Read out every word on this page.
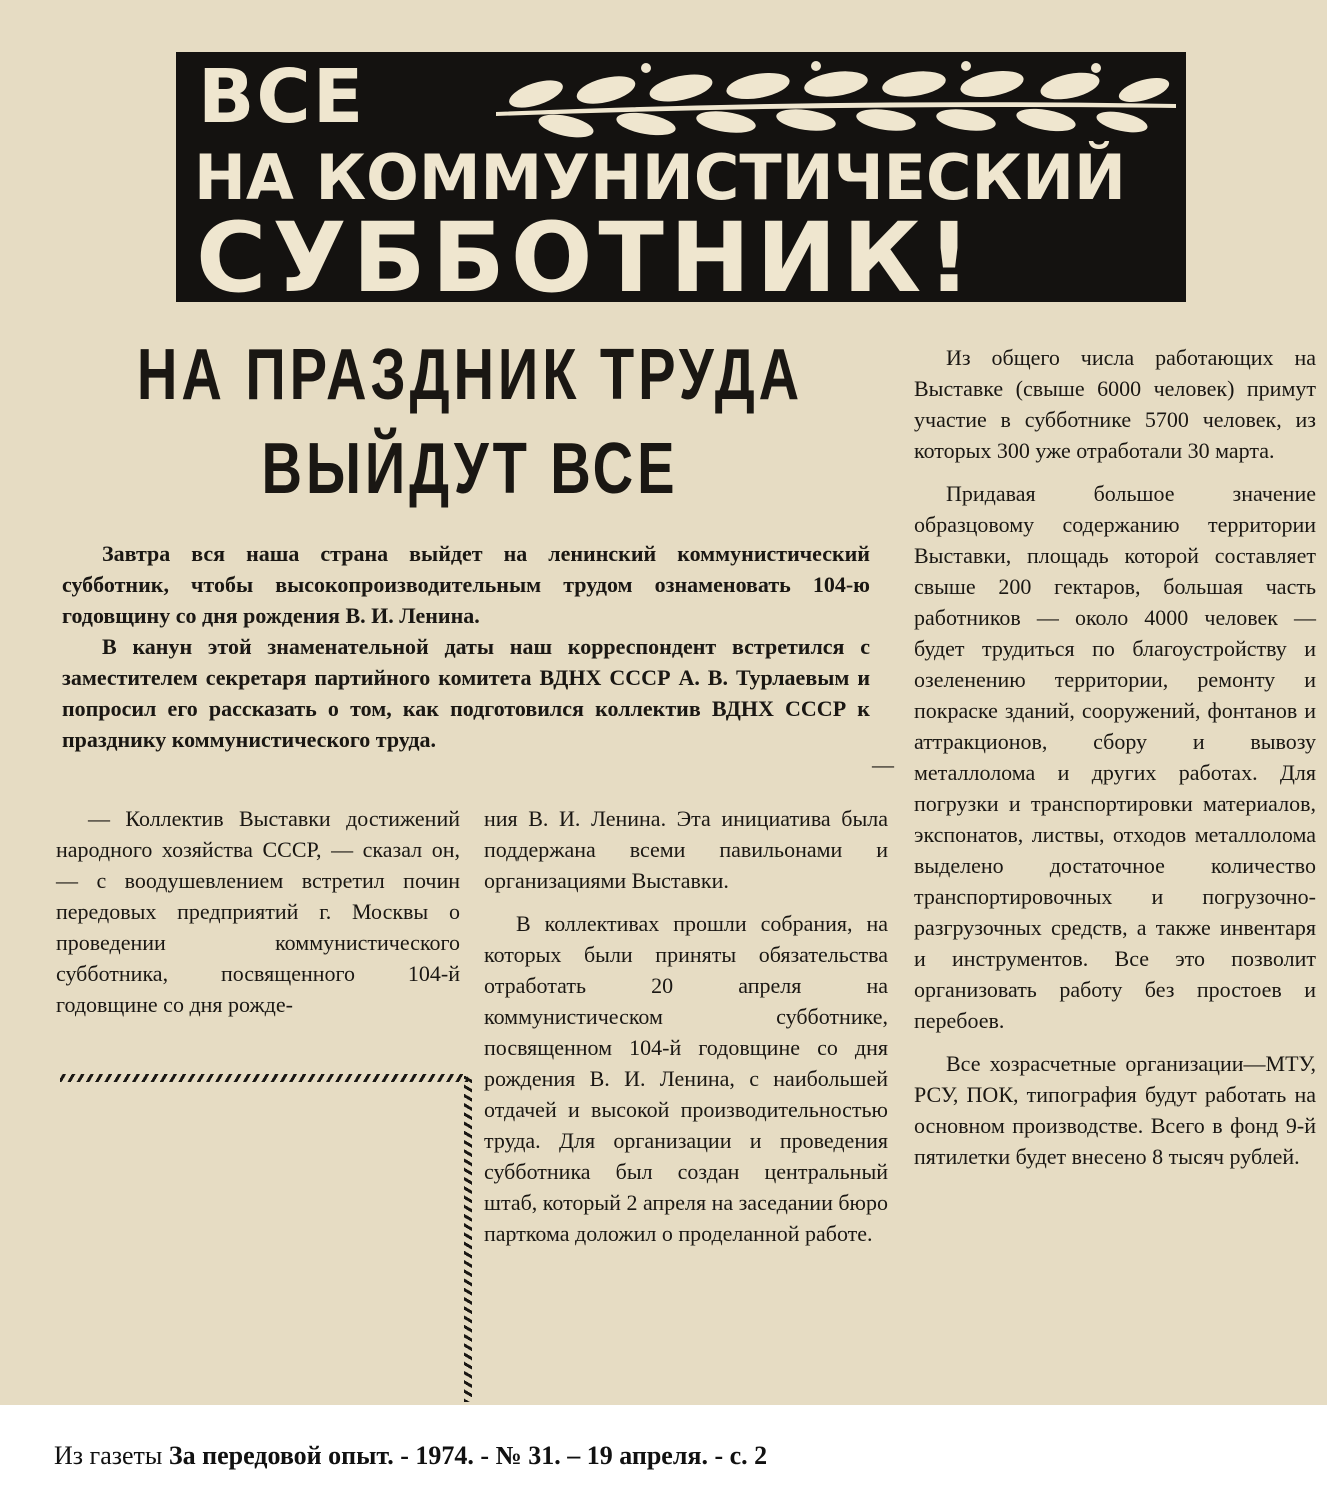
ВСЕ
НА КОММУНИСТИЧЕСКИЙ
СУББОТНИК!
НА ПРАЗДНИК ТРУДА
ВЫЙДУТ ВСЕ

Завтра вся наша страна выйдет на ленинский коммунистический субботник, чтобы высокопроизводительным трудом ознаменовать 104-ю годовщину со дня рождения В. И. Ленина.

В канун этой знаменательной даты наш корреспондент встретился с заместителем секретаря партийного комитета ВДНХ СССР А. В. Турлаевым и попросил его рассказать о том, как подготовился коллектив ВДНХ СССР к празднику коммунистического труда.

—

— Коллектив Выставки достижений народного хозяйства СССР, — сказал он, — с воодушевлением встретил почин передовых предприятий г. Москвы о проведении коммунистического субботника, посвященного 104-й годовщине со дня рожде-

ния В. И. Ленина. Эта инициатива была поддержана всеми павильонами и организациями Выставки.

В коллективах прошли собрания, на которых были приняты обязательства отработать 20 апреля на коммунистическом субботнике, посвященном 104-й годовщине со дня рождения В. И. Ленина, с наибольшей отдачей и высокой производительностью труда. Для организации и проведения субботника был создан центральный штаб, который 2 апреля на заседании бюро парткома доложил о проделанной работе.

Из общего числа работающих на Выставке (свыше 6000 человек) примут участие в субботнике 5700 человек, из которых 300 уже отработали 30 марта.

Придавая большое значение образцовому содержанию территории Выставки, площадь которой составляет свыше 200 гектаров, большая часть работников — около 4000 человек — будет трудиться по благоустройству и озеленению территории, ремонту и покраске зданий, сооружений, фонтанов и аттракционов, сбору и вывозу металлолома и других работах. Для погрузки и транспортировки материалов, экспонатов, листвы, отходов металлолома выделено достаточное количество транспортировочных и погрузочно-разгрузочных средств, а также инвентаря и инструментов. Все это позволит организовать работу без простоев и перебоев.

Все хозрасчетные организации—МТУ, РСУ, ПОК, типография будут работать на основном производстве. Всего в фонд 9-й пятилетки будет внесено 8 тысяч рублей.

Из газеты За передовой опыт. - 1974. - № 31. – 19 апреля. - с. 2
